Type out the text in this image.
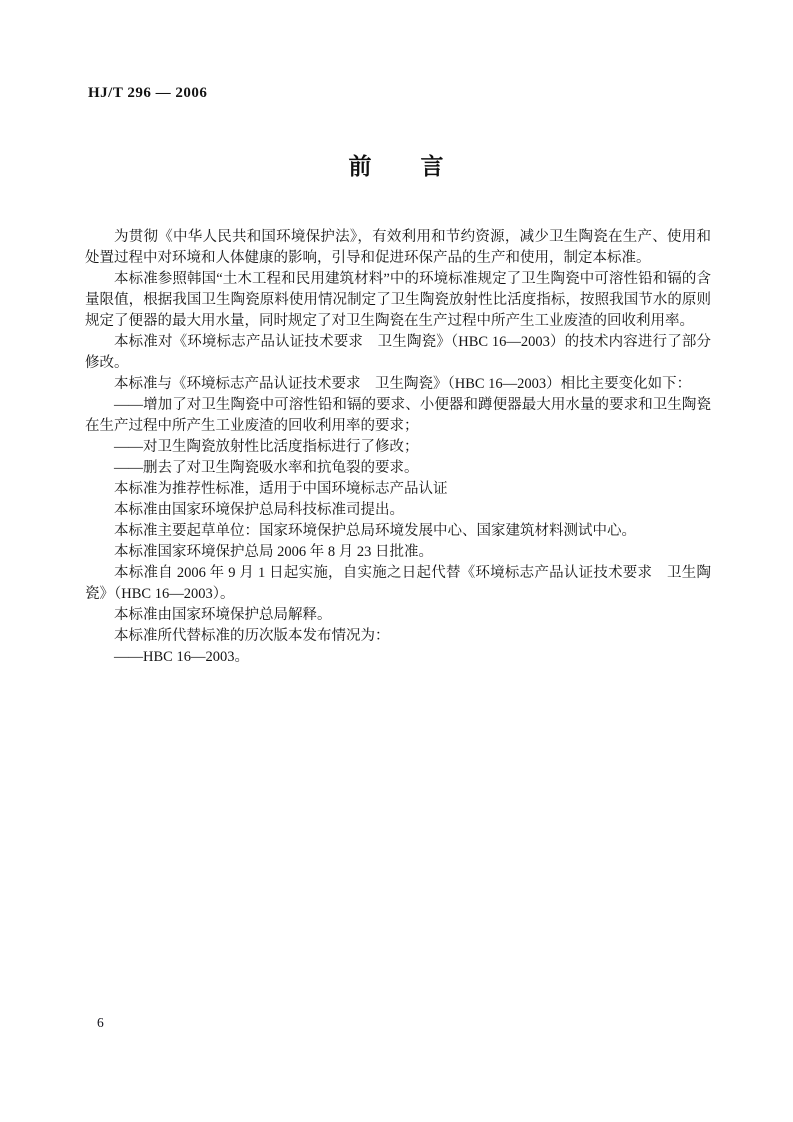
HJ/T 296 — 2006
前　　言

为贯彻《中华人民共和国环境保护法》，有效利用和节约资源，减少卫生陶瓷在生产、使用和处置过程中对环境和人体健康的影响，引导和促进环保产品的生产和使用，制定本标准。

本标准参照韩国“土木工程和民用建筑材料”中的环境标准规定了卫生陶瓷中可溶性铅和镉的含量限值，根据我国卫生陶瓷原料使用情况制定了卫生陶瓷放射性比活度指标，按照我国节水的原则规定了便器的最大用水量，同时规定了对卫生陶瓷在生产过程中所产生工业废渣的回收利用率。

本标准对《环境标志产品认证技术要求　卫生陶瓷》（HBC 16—2003）的技术内容进行了部分修改。

本标准与《环境标志产品认证技术要求　卫生陶瓷》（HBC 16—2003）相比主要变化如下：

——增加了对卫生陶瓷中可溶性铅和镉的要求、小便器和蹲便器最大用水量的要求和卫生陶瓷在生产过程中所产生工业废渣的回收利用率的要求；

——对卫生陶瓷放射性比活度指标进行了修改；

——删去了对卫生陶瓷吸水率和抗龟裂的要求。

本标准为推荐性标准，适用于中国环境标志产品认证

本标准由国家环境保护总局科技标准司提出。

本标准主要起草单位：国家环境保护总局环境发展中心、国家建筑材料测试中心。

本标准国家环境保护总局 2006 年 8 月 23 日批准。

本标准自 2006 年 9 月 1 日起实施，自实施之日起代替《环境标志产品认证技术要求　卫生陶瓷》（HBC 16—2003）。

本标准由国家环境保护总局解释。

本标准所代替标准的历次版本发布情况为：

——HBC 16—2003。

6
